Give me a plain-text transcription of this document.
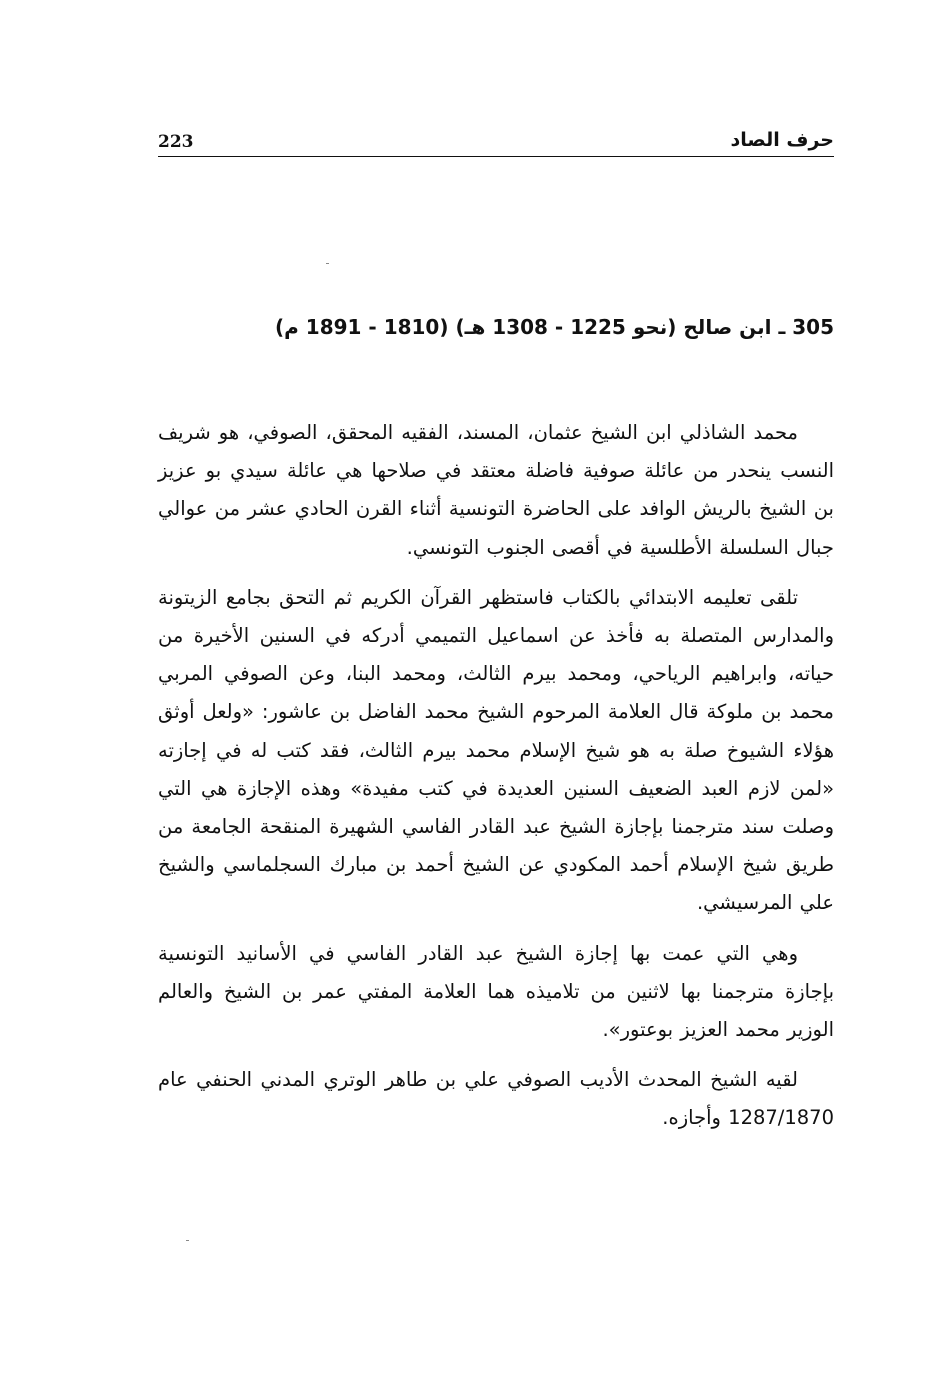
حرف الصاد
223
305 ـ ابن صالح (نحو 1225 - 1308 هـ) (1810 - 1891 م)

محمد الشاذلي ابن الشيخ عثمان، المسند، الفقيه المحقق، الصوفي، هو شريف النسب ينحدر من عائلة صوفية فاضلة معتقد في صلاحها هي عائلة سيدي بو عزيز بن الشيخ بالريش الوافد على الحاضرة التونسية أثناء القرن الحادي عشر من عوالي جبال السلسلة الأطلسية في أقصى الجنوب التونسي.

تلقى تعليمه الابتدائي بالكتاب فاستظهر القرآن الكريم ثم التحق بجامع الزيتونة والمدارس المتصلة به فأخذ عن اسماعيل التميمي أدركه في السنين الأخيرة من حياته، وابراهيم الرياحي، ومحمد بيرم الثالث، ومحمد البنا، وعن الصوفي المربي محمد بن ملوكة قال العلامة المرحوم الشيخ محمد الفاضل بن عاشور: «ولعل أوثق هؤلاء الشيوخ صلة به هو شيخ الإسلام محمد بيرم الثالث، فقد كتب له في إجازته «لمن لازم العبد الضعيف السنين العديدة في كتب مفيدة» وهذه الإجازة هي التي وصلت سند مترجمنا بإجازة الشيخ عبد القادر الفاسي الشهيرة المنقحة الجامعة من طريق شيخ الإسلام أحمد المكودي عن الشيخ أحمد بن مبارك السجلماسي والشيخ علي المرسيشي.

وهي التي عمت بها إجازة الشيخ عبد القادر الفاسي في الأسانيد التونسية بإجازة مترجمنا بها لاثنين من تلاميذه هما العلامة المفتي عمر بن الشيخ والعالم الوزير محمد العزيز بوعتور».

لقيه الشيخ المحدث الأديب الصوفي علي بن طاهر الوتري المدني الحنفي عام 1287/1870 وأجازه.
